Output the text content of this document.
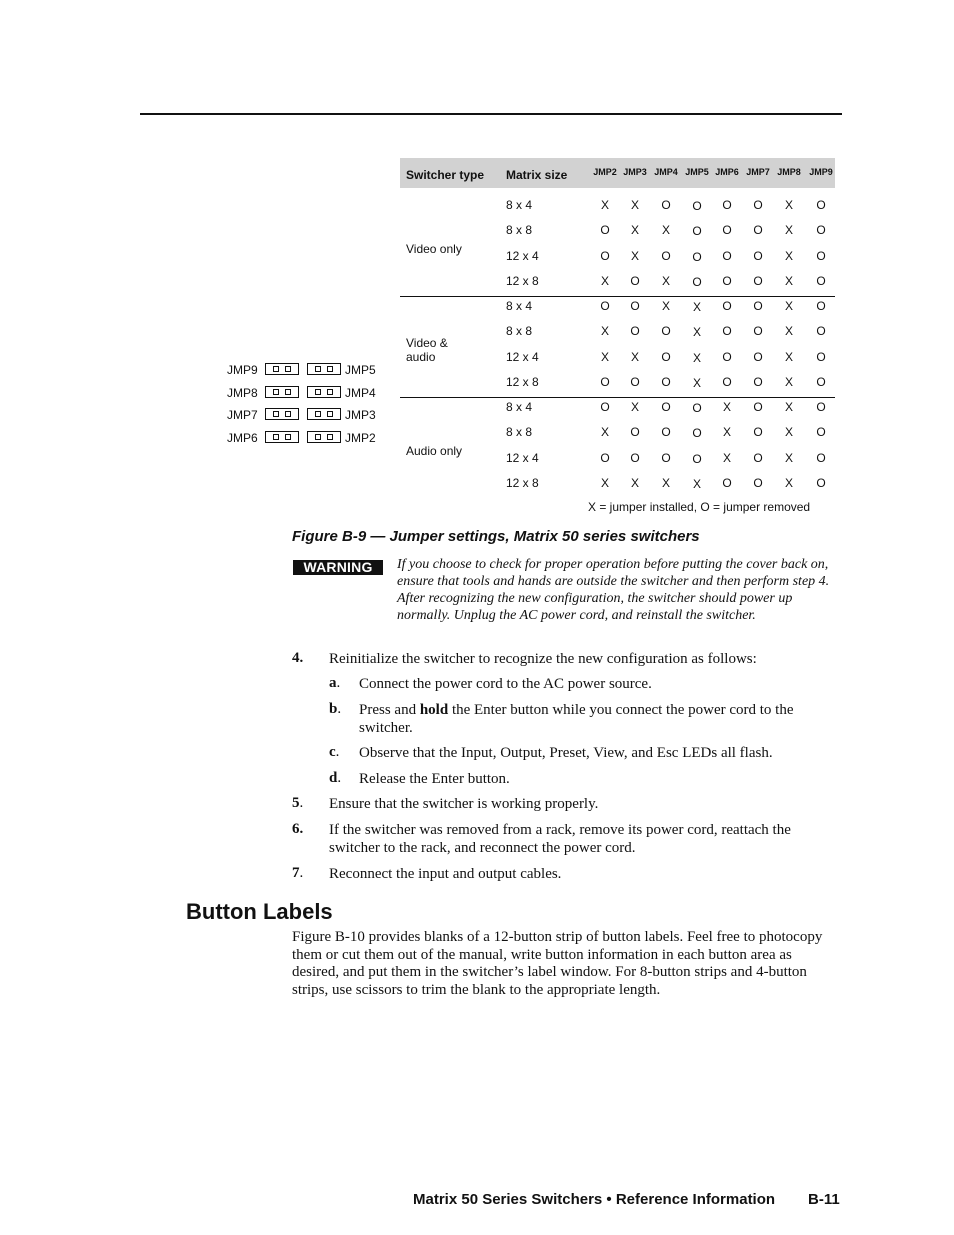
JMP9	JMP5
JMP8	JMP4
JMP7	JMP3
JMP6	JMP2
Switcher type Matrix size	JMP2 JMP3 JMP4 JMP5 JMP6 JMP7 JMP8 JMP9
Video only
8 x 4	X X O O O O X O
8 x 8	O X X O O O X O
12 x 4	O X O O O O X O
12 x 8	X O X O O O X O
Video &
audio
8 x 4	O O X X O O X O
8 x 8	X O O X O O X O
12 x 4	X X O X O O X O
12 x 8	O O O X O O X O
Audio only
8 x 4	O X O O X O X O
8 x 8	X O O O X O X O
12 x 4	O O O O X O X O
12 x 8	X X X X O O X O
X = jumper installed, O = jumper removed
Figure B-9 — Jumper settings, Matrix 50 series switchers
WARNING	If you choose to check for proper operation before putting the cover back on, ensure that tools and hands are outside the switcher and then perform step 4. After recognizing the new configuration, the switcher should power up normally. Unplug the AC power cord, and reinstall the switcher.
4. Reinitialize the switcher to recognize the new configuration as follows:
a. Connect the power cord to the AC power source.
b. Press and hold the Enter button while you connect the power cord to the switcher.
c. Observe that the Input, Output, Preset, View, and Esc LEDs all flash.
d. Release the Enter button.
5. Ensure that the switcher is working properly.
6. If the switcher was removed from a rack, remove its power cord, reattach the switcher to the rack, and reconnect the power cord.
7. Reconnect the input and output cables.
Button Labels
Figure B-10 provides blanks of a 12-button strip of button labels. Feel free to photocopy them or cut them out of the manual, write button information in each button area as desired, and put them in the switcher’s label window. For 8-button strips and 4-button strips, use scissors to trim the blank to the appropriate length.
Matrix 50 Series Switchers • Reference Information B-11
